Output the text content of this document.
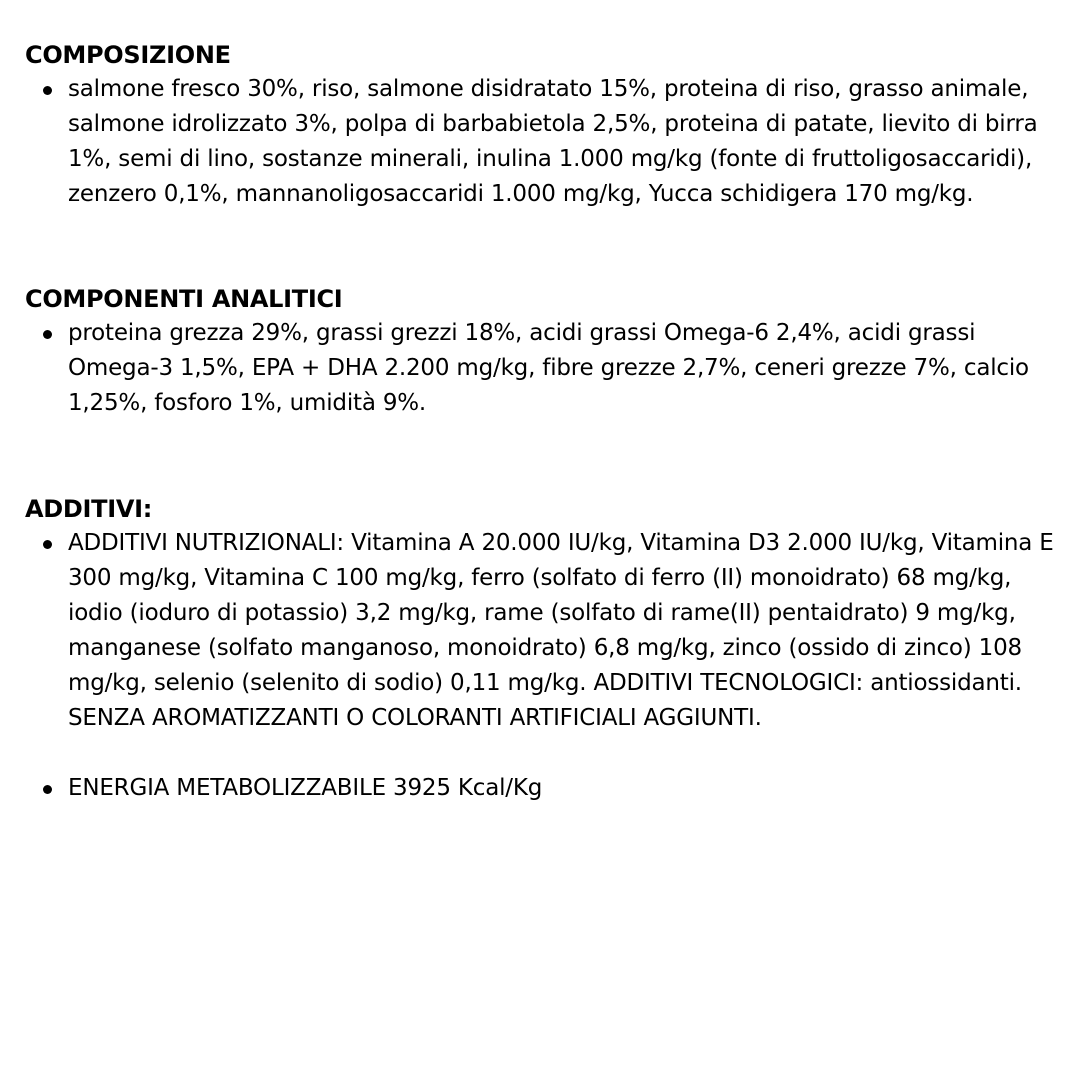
COMPOSIZIONE
salmone fresco 30%, riso, salmone disidratato 15%, proteina di riso, grasso animale, salmone idrolizzato 3%, polpa di barbabietola 2,5%, proteina di patate, lievito di birra 1%, semi di lino, sostanze minerali, inulina 1.000 mg/kg (fonte di fruttoligosaccaridi), zenzero 0,1%, mannanoligosaccaridi 1.000 mg/kg, Yucca schidigera 170 mg/kg.
COMPONENTI ANALITICI
proteina grezza 29%, grassi grezzi 18%, acidi grassi Omega-6 2,4%, acidi grassi Omega-3 1,5%, EPA + DHA 2.200 mg/kg, fibre grezze 2,7%, ceneri grezze 7%, calcio 1,25%, fosforo 1%, umidità 9%.
ADDITIVI:
ADDITIVI NUTRIZIONALI: Vitamina A 20.000 IU/kg, Vitamina D3 2.000 IU/kg, Vitamina E 300 mg/kg, Vitamina C 100 mg/kg, ferro (solfato di ferro (II) monoidrato) 68 mg/kg, iodio (ioduro di potassio) 3,2 mg/kg, rame (solfato di rame(II) pentaidrato) 9 mg/kg, manganese (solfato manganoso, monoidrato) 6,8 mg/kg, zinco (ossido di zinco) 108 mg/kg, selenio (selenito di sodio) 0,11 mg/kg. ADDITIVI TECNOLOGICI: antiossidanti. SENZA AROMATIZZANTI O COLORANTI ARTIFICIALI AGGIUNTI.
ENERGIA METABOLIZZABILE 3925 Kcal/Kg
